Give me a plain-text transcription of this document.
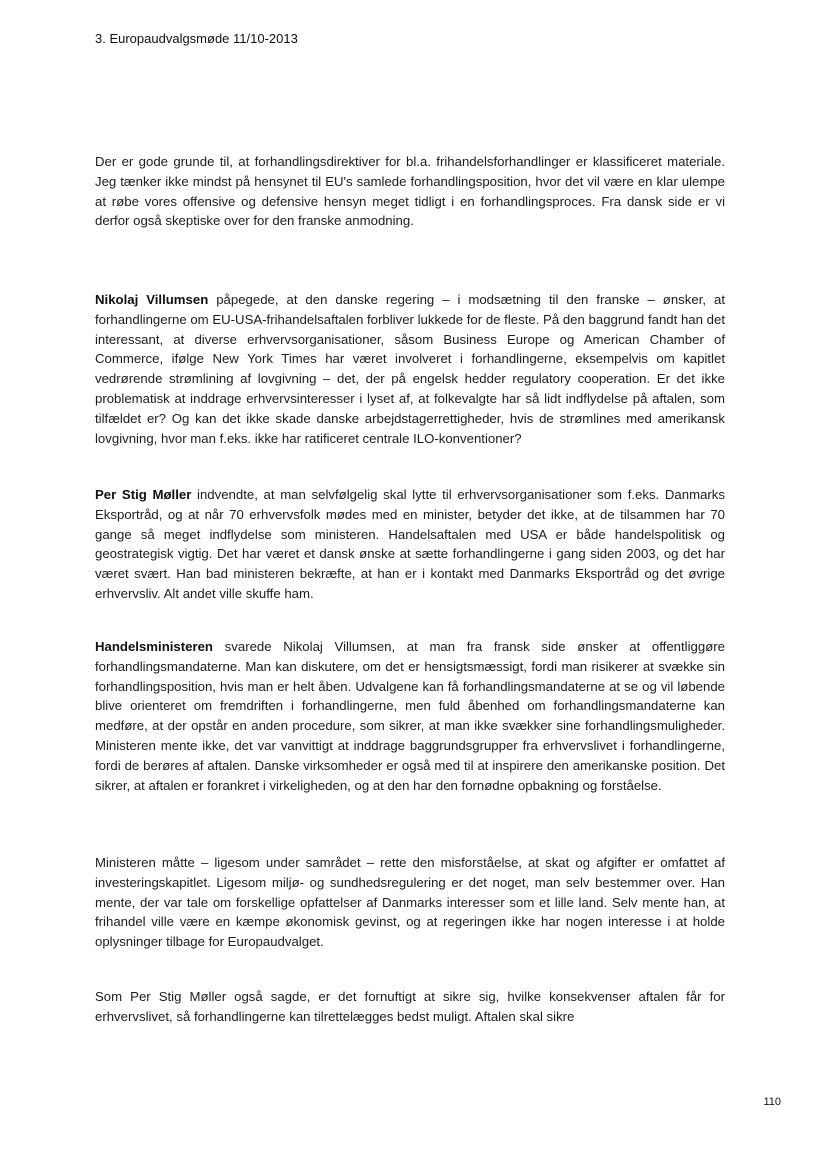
3. Europaudvalgsmøde 11/10-2013

Der er gode grunde til, at forhandlingsdirektiver for bl.a. frihandelsforhandlinger er klassificeret materiale. Jeg tænker ikke mindst på hensynet til EU's samlede forhandlingsposition, hvor det vil være en klar ulempe at røbe vores offensive og defensive hensyn meget tidligt i en forhandlingsproces. Fra dansk side er vi derfor også skeptiske over for den franske anmodning.

Nikolaj Villumsen påpegede, at den danske regering – i modsætning til den franske – ønsker, at forhandlingerne om EU-USA-frihandelsaftalen forbliver lukkede for de fleste. På den baggrund fandt han det interessant, at diverse erhvervsorganisationer, såsom Business Europe og American Chamber of Commerce, ifølge New York Times har været involveret i forhandlingerne, eksempelvis om kapitlet vedrørende strømlining af lovgivning – det, der på engelsk hedder regulatory cooperation. Er det ikke problematisk at inddrage erhvervsinteresser i lyset af, at folkevalgte har så lidt indflydelse på aftalen, som tilfældet er? Og kan det ikke skade danske arbejdstagerrettigheder, hvis de strømlines med amerikansk lovgivning, hvor man f.eks. ikke har ratificeret centrale ILO-konventioner?

Per Stig Møller indvendte, at man selvfølgelig skal lytte til erhvervsorganisationer som f.eks. Danmarks Eksportråd, og at når 70 erhvervsfolk mødes med en minister, betyder det ikke, at de tilsammen har 70 gange så meget indflydelse som ministeren. Handelsaftalen med USA er både handelspolitisk og geostrategisk vigtig. Det har været et dansk ønske at sætte forhandlingerne i gang siden 2003, og det har været svært. Han bad ministeren bekræfte, at han er i kontakt med Danmarks Eksportråd og det øvrige erhvervsliv. Alt andet ville skuffe ham.

Handelsministeren svarede Nikolaj Villumsen, at man fra fransk side ønsker at offentliggøre forhandlingsmandaterne. Man kan diskutere, om det er hensigtsmæssigt, fordi man risikerer at svække sin forhandlingsposition, hvis man er helt åben. Udvalgene kan få forhandlingsmandaterne at se og vil løbende blive orienteret om fremdriften i forhandlingerne, men fuld åbenhed om forhandlingsmandaterne kan medføre, at der opstår en anden procedure, som sikrer, at man ikke svækker sine forhandlingsmuligheder. Ministeren mente ikke, det var vanvittigt at inddrage baggrundsgrupper fra erhvervslivet i forhandlingerne, fordi de berøres af aftalen. Danske virksomheder er også med til at inspirere den amerikanske position. Det sikrer, at aftalen er forankret i virkeligheden, og at den har den fornødne opbakning og forståelse.

Ministeren måtte – ligesom under samrådet – rette den misforståelse, at skat og afgifter er omfattet af investeringskapitlet. Ligesom miljø- og sundhedsregulering er det noget, man selv bestemmer over. Han mente, der var tale om forskellige opfattelser af Danmarks interesser som et lille land. Selv mente han, at frihandel ville være en kæmpe økonomisk gevinst, og at regeringen ikke har nogen interesse i at holde oplysninger tilbage for Europaudvalget.

Som Per Stig Møller også sagde, er det fornuftigt at sikre sig, hvilke konsekvenser aftalen får for erhvervslivet, så forhandlingerne kan tilrettelægges bedst muligt. Aftalen skal sikre

110
